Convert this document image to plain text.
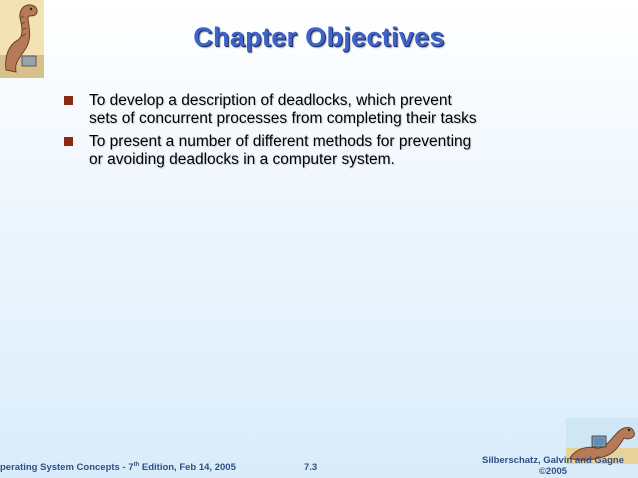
Chapter Objectives
To develop a description of deadlocks, which prevent
sets of concurrent processes from completing their tasks
To present a number of different methods for preventing
or avoiding deadlocks in a computer system.
perating System Concepts - 7th Edition, Feb 14, 2005	7.3
Silberschatz, Galvin and Gagne
©2005
